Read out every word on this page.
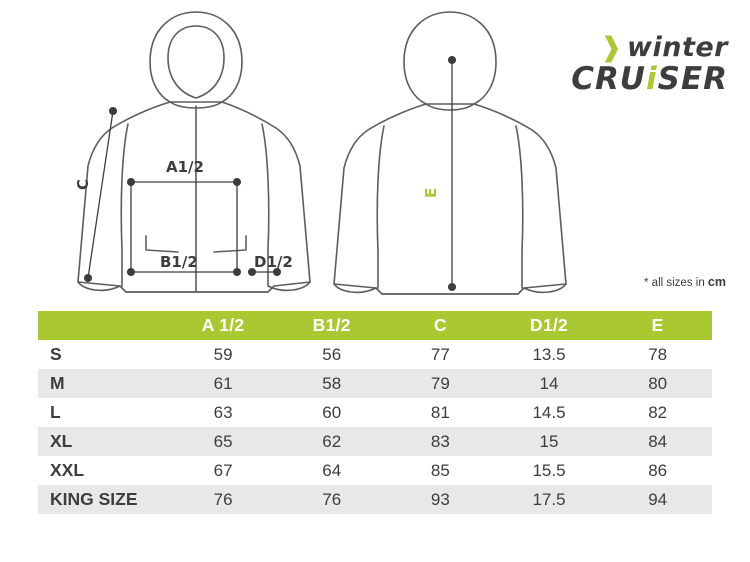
A1/2
B1/2
C
D1/2
E
❱ winter
CRUiSER
* all sizes in cm
	A 1/2	B1/2	C	D1/2	E
S	59	56	77	13.5	78
M	61	58	79	14	80
L	63	60	81	14.5	82
XL	65	62	83	15	84
XXL	67	64	85	15.5	86
KING SIZE	76	76	93	17.5	94
